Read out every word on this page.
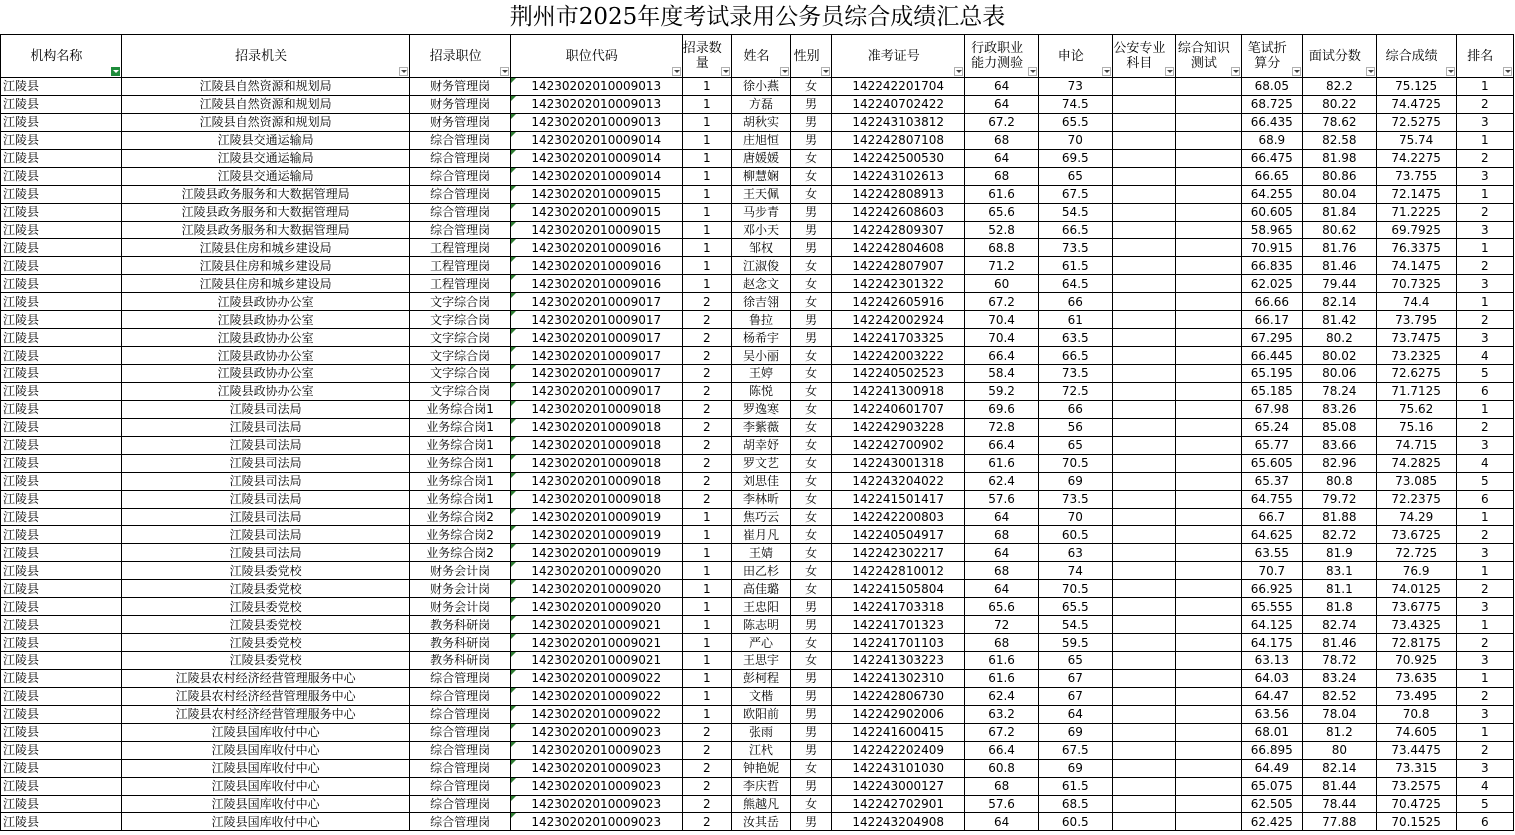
荆州市2025年度考试录用公务员综合成绩汇总表
机构名称	招录机关	招录职位	职位代码	招录数量	姓名	性别	准考证号	行政职业能力测验	申论	公安专业科目	综合知识测试	笔试折算分	面试分数	综合成绩	排名

江陵县	江陵县自然资源和规划局	财务管理岗	14230202010009013	1	徐小燕	女	142242201704	64	73			68.05	82.2	75.125	1
江陵县	江陵县自然资源和规划局	财务管理岗	14230202010009013	1	方磊	男	142240702422	64	74.5			68.725	80.22	74.4725	2
江陵县	江陵县自然资源和规划局	财务管理岗	14230202010009013	1	胡秋实	男	142243103812	67.2	65.5			66.435	78.62	72.5275	3
江陵县	江陵县交通运输局	综合管理岗	14230202010009014	1	庄旭恒	男	142242807108	68	70			68.9	82.58	75.74	1
江陵县	江陵县交通运输局	综合管理岗	14230202010009014	1	唐媛媛	女	142242500530	64	69.5			66.475	81.98	74.2275	2
江陵县	江陵县交通运输局	综合管理岗	14230202010009014	1	柳慧娴	女	142243102613	68	65			66.65	80.86	73.755	3
江陵县	江陵县政务服务和大数据管理局	综合管理岗	14230202010009015	1	王天佩	女	142242808913	61.6	67.5			64.255	80.04	72.1475	1
江陵县	江陵县政务服务和大数据管理局	综合管理岗	14230202010009015	1	马步青	男	142242608603	65.6	54.5			60.605	81.84	71.2225	2
江陵县	江陵县政务服务和大数据管理局	综合管理岗	14230202010009015	1	邓小天	男	142242809307	52.8	66.5			58.965	80.62	69.7925	3
江陵县	江陵县住房和城乡建设局	工程管理岗	14230202010009016	1	邹权	男	142242804608	68.8	73.5			70.915	81.76	76.3375	1
江陵县	江陵县住房和城乡建设局	工程管理岗	14230202010009016	1	江淑俊	女	142242807907	71.2	61.5			66.835	81.46	74.1475	2
江陵县	江陵县住房和城乡建设局	工程管理岗	14230202010009016	1	赵念文	女	142242301322	60	64.5			62.025	79.44	70.7325	3
江陵县	江陵县政协办公室	文字综合岗	14230202010009017	2	徐吉翎	女	142242605916	67.2	66			66.66	82.14	74.4	1
江陵县	江陵县政协办公室	文字综合岗	14230202010009017	2	鲁拉	男	142242002924	70.4	61			66.17	81.42	73.795	2
江陵县	江陵县政协办公室	文字综合岗	14230202010009017	2	杨希宇	男	142241703325	70.4	63.5			67.295	80.2	73.7475	3
江陵县	江陵县政协办公室	文字综合岗	14230202010009017	2	吴小丽	女	142242003222	66.4	66.5			66.445	80.02	73.2325	4
江陵县	江陵县政协办公室	文字综合岗	14230202010009017	2	王婷	女	142240502523	58.4	73.5			65.195	80.06	72.6275	5
江陵县	江陵县政协办公室	文字综合岗	14230202010009017	2	陈悦	女	142241300918	59.2	72.5			65.185	78.24	71.7125	6
江陵县	江陵县司法局	业务综合岗1	14230202010009018	2	罗逸寒	女	142240601707	69.6	66			67.98	83.26	75.62	1
江陵县	江陵县司法局	业务综合岗1	14230202010009018	2	李紫薇	女	142242903228	72.8	56			65.24	85.08	75.16	2
江陵县	江陵县司法局	业务综合岗1	14230202010009018	2	胡幸妤	女	142242700902	66.4	65			65.77	83.66	74.715	3
江陵县	江陵县司法局	业务综合岗1	14230202010009018	2	罗文艺	女	142243001318	61.6	70.5			65.605	82.96	74.2825	4
江陵县	江陵县司法局	业务综合岗1	14230202010009018	2	刘思佳	女	142243204022	62.4	69			65.37	80.8	73.085	5
江陵县	江陵县司法局	业务综合岗1	14230202010009018	2	李林昕	女	142241501417	57.6	73.5			64.755	79.72	72.2375	6
江陵县	江陵县司法局	业务综合岗2	14230202010009019	1	焦巧云	女	142242200803	64	70			66.7	81.88	74.29	1
江陵县	江陵县司法局	业务综合岗2	14230202010009019	1	崔月凡	女	142240504917	68	60.5			64.625	82.72	73.6725	2
江陵县	江陵县司法局	业务综合岗2	14230202010009019	1	王婧	女	142242302217	64	63			63.55	81.9	72.725	3
江陵县	江陵县委党校	财务会计岗	14230202010009020	1	田乙杉	女	142242810012	68	74			70.7	83.1	76.9	1
江陵县	江陵县委党校	财务会计岗	14230202010009020	1	高佳璐	女	142241505804	64	70.5			66.925	81.1	74.0125	2
江陵县	江陵县委党校	财务会计岗	14230202010009020	1	王忠阳	男	142241703318	65.6	65.5			65.555	81.8	73.6775	3
江陵县	江陵县委党校	教务科研岗	14230202010009021	1	陈志明	男	142241701323	72	54.5			64.125	82.74	73.4325	1
江陵县	江陵县委党校	教务科研岗	14230202010009021	1	严心	女	142241701103	68	59.5			64.175	81.46	72.8175	2
江陵县	江陵县委党校	教务科研岗	14230202010009021	1	王思宇	女	142241303223	61.6	65			63.13	78.72	70.925	3
江陵县	江陵县农村经济经营管理服务中心	综合管理岗	14230202010009022	1	彭柯程	男	142241302310	61.6	67			64.03	83.24	73.635	1
江陵县	江陵县农村经济经营管理服务中心	综合管理岗	14230202010009022	1	文楷	男	142242806730	62.4	67			64.47	82.52	73.495	2
江陵县	江陵县农村经济经营管理服务中心	综合管理岗	14230202010009022	1	欧阳前	男	142242902006	63.2	64			63.56	78.04	70.8	3
江陵县	江陵县国库收付中心	综合管理岗	14230202010009023	2	张雨	男	142241600415	67.2	69			68.01	81.2	74.605	1
江陵县	江陵县国库收付中心	综合管理岗	14230202010009023	2	江杙	男	142242202409	66.4	67.5			66.895	80	73.4475	2
江陵县	江陵县国库收付中心	综合管理岗	14230202010009023	2	钟艳妮	女	142243101030	60.8	69			64.49	82.14	73.315	3
江陵县	江陵县国库收付中心	综合管理岗	14230202010009023	2	李庆哲	男	142243000127	68	61.5			65.075	81.44	73.2575	4
江陵县	江陵县国库收付中心	综合管理岗	14230202010009023	2	熊越凡	女	142242702901	57.6	68.5			62.505	78.44	70.4725	5
江陵县	江陵县国库收付中心	综合管理岗	14230202010009023	2	汝其岳	男	142243204908	64	60.5			62.425	77.88	70.1525	6
